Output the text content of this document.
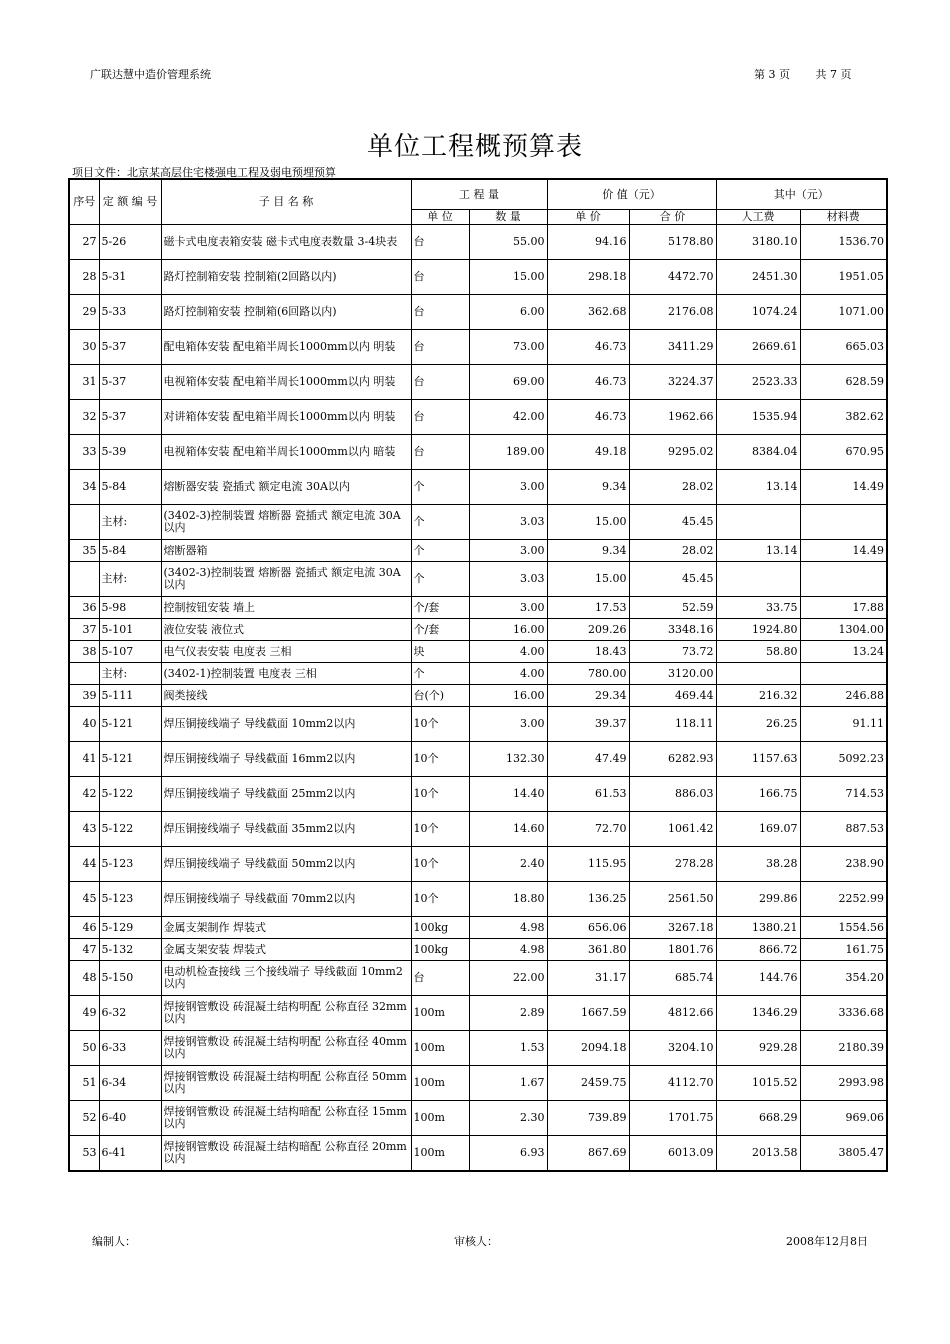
广联达慧中造价管理系统	第 3 页 共 7 页
单位工程概预算表
项目文件：北京某高层住宅楼强电工程及弱电预埋预算
序号	定 额 编 号	子 目 名 称	工 程 量		价 值（元）		其中（元）	
			单 位	数 量	单 价	合 价	人工费	材料费
27	5-26	磁卡式电度表箱安装 磁卡式电度表数量 3-4块表	台	55.00	94.16	5178.80	3180.10	1536.70
28	5-31	路灯控制箱安装 控制箱(2回路以内)	台	15.00	298.18	4472.70	2451.30	1951.05
29	5-33	路灯控制箱安装 控制箱(6回路以内)	台	6.00	362.68	2176.08	1074.24	1071.00
30	5-37	配电箱体安装 配电箱半周长1000mm以内 明装	台	73.00	46.73	3411.29	2669.61	665.03
31	5-37	电视箱体安装 配电箱半周长1000mm以内 明装	台	69.00	46.73	3224.37	2523.33	628.59
32	5-37	对讲箱体安装 配电箱半周长1000mm以内 明装	台	42.00	46.73	1962.66	1535.94	382.62
33	5-39	电视箱体安装 配电箱半周长1000mm以内 暗装	台	189.00	49.18	9295.02	8384.04	670.95
34	5-84	熔断器安装 瓷插式 额定电流 30A以内	个	3.00	9.34	28.02	13.14	14.49
	主材:	(3402-3)控制装置 熔断器 瓷插式 额定电流 30A以内	个	3.03	15.00	45.45		
35	5-84	熔断器箱	个	3.00	9.34	28.02	13.14	14.49
	主材:	(3402-3)控制装置 熔断器 瓷插式 额定电流 30A以内	个	3.03	15.00	45.45		
36	5-98	控制按钮安装 墙上	个/套	3.00	17.53	52.59	33.75	17.88
37	5-101	液位安装 液位式	个/套	16.00	209.26	3348.16	1924.80	1304.00
38	5-107	电气仪表安装 电度表 三相	块	4.00	18.43	73.72	58.80	13.24
	主材:	(3402-1)控制装置 电度表 三相	个	4.00	780.00	3120.00		
39	5-111	阀类接线	台(个)	16.00	29.34	469.44	216.32	246.88
40	5-121	焊压铜接线端子 导线截面 10mm2以内	10个	3.00	39.37	118.11	26.25	91.11
41	5-121	焊压铜接线端子 导线截面 16mm2以内	10个	132.30	47.49	6282.93	1157.63	5092.23
42	5-122	焊压铜接线端子 导线截面 25mm2以内	10个	14.40	61.53	886.03	166.75	714.53
43	5-122	焊压铜接线端子 导线截面 35mm2以内	10个	14.60	72.70	1061.42	169.07	887.53
44	5-123	焊压铜接线端子 导线截面 50mm2以内	10个	2.40	115.95	278.28	38.28	238.90
45	5-123	焊压铜接线端子 导线截面 70mm2以内	10个	18.80	136.25	2561.50	299.86	2252.99
46	5-129	金属支架制作 焊装式	100kg	4.98	656.06	3267.18	1380.21	1554.56
47	5-132	金属支架安装 焊装式	100kg	4.98	361.80	1801.76	866.72	161.75
48	5-150	电动机检查接线 三个接线端子 导线截面 10mm2以内	台	22.00	31.17	685.74	144.76	354.20
49	6-32	焊接钢管敷设 砖混凝土结构明配 公称直径 32mm以内	100m	2.89	1667.59	4812.66	1346.29	3336.68
50	6-33	焊接钢管敷设 砖混凝土结构明配 公称直径 40mm以内	100m	1.53	2094.18	3204.10	929.28	2180.39
51	6-34	焊接钢管敷设 砖混凝土结构明配 公称直径 50mm以内	100m	1.67	2459.75	4112.70	1015.52	2993.98
52	6-40	焊接钢管敷设 砖混凝土结构暗配 公称直径 15mm以内	100m	2.30	739.89	1701.75	668.29	969.06
53	6-41	焊接钢管敷设 砖混凝土结构暗配 公称直径 20mm以内	100m	6.93	867.69	6013.09	2013.58	3805.47
编制人：	审核人：	2008年12月8日
